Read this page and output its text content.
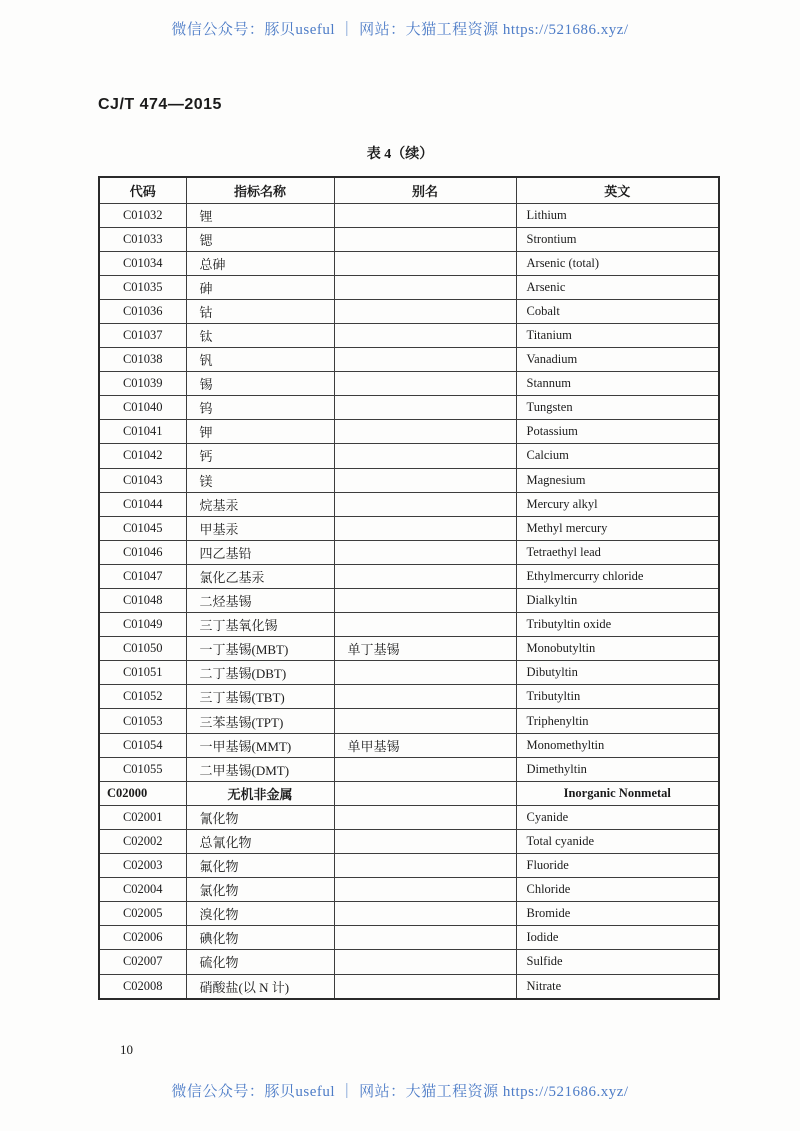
微信公众号：豚贝useful ｜ 网站：大猫工程资源 https://521686.xyz/
CJ/T 474—2015
表 4（续）
代码	指标名称	别名	英文
C01032	锂		Lithium
C01033	锶		Strontium
C01034	总砷		Arsenic (total)
C01035	砷		Arsenic
C01036	钴		Cobalt
C01037	钛		Titanium
C01038	钒		Vanadium
C01039	锡		Stannum
C01040	钨		Tungsten
C01041	钾		Potassium
C01042	钙		Calcium
C01043	镁		Magnesium
C01044	烷基汞		Mercury alkyl
C01045	甲基汞		Methyl mercury
C01046	四乙基铅		Tetraethyl lead
C01047	氯化乙基汞		Ethylmercurry chloride
C01048	二烃基锡		Dialkyltin
C01049	三丁基氧化锡		Tributyltin oxide
C01050	一丁基锡(MBT)	单丁基锡	Monobutyltin
C01051	二丁基锡(DBT)		Dibutyltin
C01052	三丁基锡(TBT)		Tributyltin
C01053	三苯基锡(TPT)		Triphenyltin
C01054	一甲基锡(MMT)	单甲基锡	Monomethyltin
C01055	二甲基锡(DMT)		Dimethyltin
C02000	无机非金属		Inorganic Nonmetal
C02001	氰化物		Cyanide
C02002	总氰化物		Total cyanide
C02003	氟化物		Fluoride
C02004	氯化物		Chloride
C02005	溴化物		Bromide
C02006	碘化物		Iodide
C02007	硫化物		Sulfide
C02008	硝酸盐(以 N 计)		Nitrate
10
微信公众号：豚贝useful ｜ 网站：大猫工程资源 https://521686.xyz/
